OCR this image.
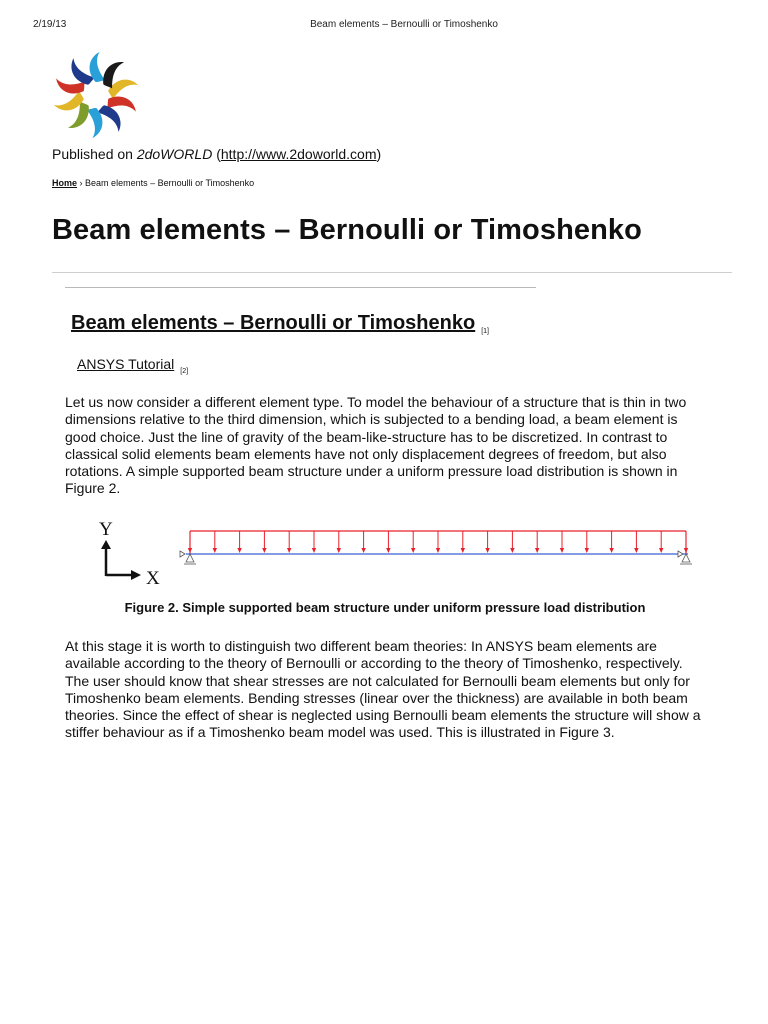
2/19/13	Beam elements – Bernoulli or Timoshenko
Published on 2doWORLD (http://www.2doworld.com)
Home › Beam elements – Bernoulli or Timoshenko
Beam elements – Bernoulli or Timoshenko
Beam elements – Bernoulli or Timoshenko $_{[1]}$
ANSYS Tutorial $_{[2]}$

Let us now consider a different element type. To model the behaviour of a structure that is thin in two
dimensions relative to the third dimension, which is subjected to a bending load, a beam element is
good choice. Just the line of gravity of the beam-like-structure has to be discretized. In contrast to
classical solid elements beam elements have not only displacement degrees of freedom, but also
rotations. A simple supported beam structure under a uniform pressure load distribution is shown in
Figure 2.

Y
X
Figure 2. Simple supported beam structure under uniform pressure load distribution

At this stage it is worth to distinguish two different beam theories: In ANSYS beam elements are
available according to the theory of Bernoulli or according to the theory of Timoshenko, respectively.
The user should know that shear stresses are not calculated for Bernoulli beam elements but only for
Timoshenko beam elements. Bending stresses (linear over the thickness) are available in both beam
theories. Since the effect of shear is neglected using Bernoulli beam elements the structure will show a
stiffer behaviour as if a Timoshenko beam model was used. This is illustrated in Figure 3.
